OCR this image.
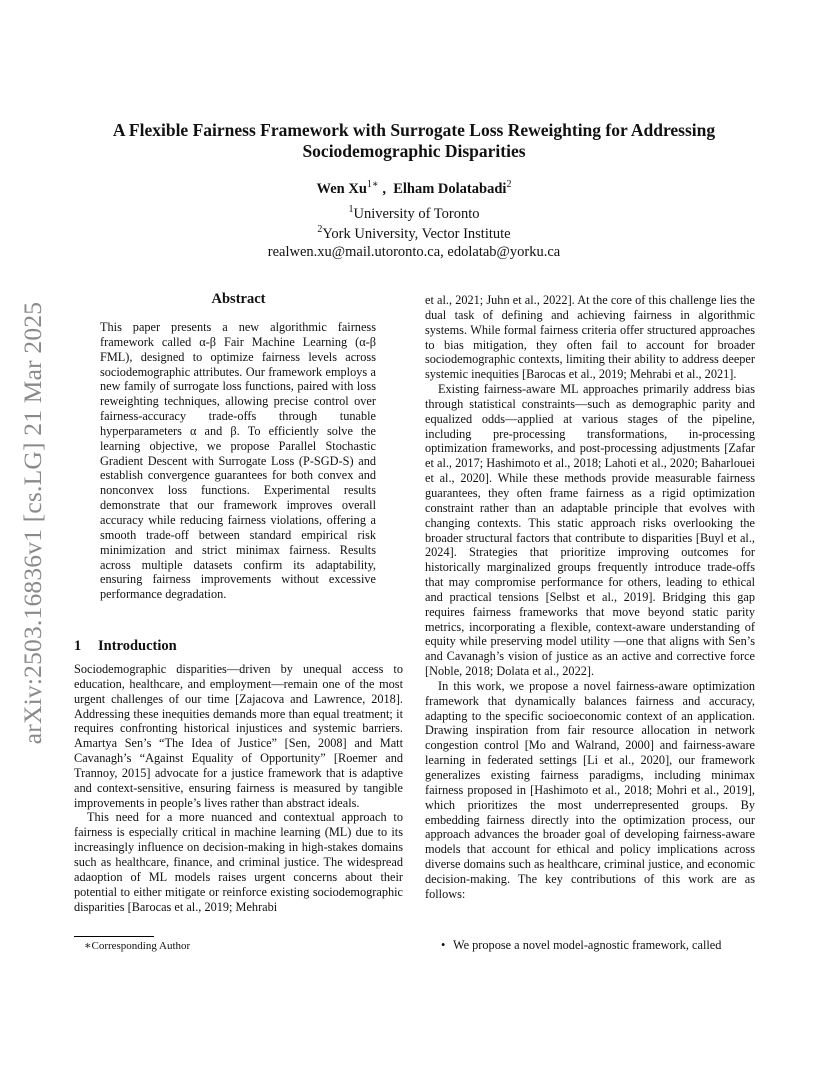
arXiv:2503.16836v1 [cs.LG] 21 Mar 2025
A Flexible Fairness Framework with Surrogate Loss Reweighting for Addressing Sociodemographic Disparities
Wen $Xu^{1∗}$ ,  Elham Dolatabadi$^2$
$^1$University of Toronto
$^2$York University, Vector Institute
realwen.xu@mail.utoronto.ca, edolatab@yorku.ca
Abstract
This paper presents a new algorithmic fairness framework called α-β Fair Machine Learning (α-β FML), designed to optimize fairness levels across sociodemographic attributes. Our framework employs a new family of surrogate loss functions, paired with loss reweighting techniques, allowing precise control over fairness-accuracy trade-offs through tunable hyperparameters α and β. To efficiently solve the learning objective, we propose Parallel Stochastic Gradient Descent with Surrogate Loss (P-SGD-S) and establish convergence guarantees for both convex and nonconvex loss functions. Experimental results demonstrate that our framework improves overall accuracy while reducing fairness violations, offering a smooth trade-off between standard empirical risk minimization and strict minimax fairness. Results across multiple datasets confirm its adaptability, ensuring fairness improvements without excessive performance degradation.
1 Introduction

Sociodemographic disparities—driven by unequal access to education, healthcare, and employment—remain one of the most urgent challenges of our time [Zajacova and Lawrence, 2018]. Addressing these inequities demands more than equal treatment; it requires confronting historical injustices and systemic barriers. Amartya Sen’s “The Idea of Justice” [Sen, 2008] and Matt Cavanagh’s “Against Equality of Opportunity” [Roemer and Trannoy, 2015] advocate for a justice framework that is adaptive and context-sensitive, ensuring fairness is measured by tangible improvements in people’s lives rather than abstract ideals.

This need for a more nuanced and contextual approach to fairness is especially critical in machine learning (ML) due to its increasingly influence on decision-making in high-stakes domains such as healthcare, finance, and criminal justice. The widespread adaoption of ML models raises urgent concerns about their potential to either mitigate or reinforce existing sociodemographic disparities [Barocas et al., 2019; Mehrabi

et al., 2021; Juhn et al., 2022]. At the core of this challenge lies the dual task of defining and achieving fairness in algorithmic systems. While formal fairness criteria offer structured approaches to bias mitigation, they often fail to account for broader sociodemographic contexts, limiting their ability to address deeper systemic inequities [Barocas et al., 2019; Mehrabi et al., 2021].

Existing fairness-aware ML approaches primarily address bias through statistical constraints—such as demographic parity and equalized odds—applied at various stages of the pipeline, including pre-processing transformations, in-processing optimization frameworks, and post-processing adjustments [Zafar et al., 2017; Hashimoto et al., 2018; Lahoti et al., 2020; Baharlouei et al., 2020]. While these methods provide measurable fairness guarantees, they often frame fairness as a rigid optimization constraint rather than an adaptable principle that evolves with changing contexts. This static approach risks overlooking the broader structural factors that contribute to disparities [Buyl et al., 2024]. Strategies that prioritize improving outcomes for historically marginalized groups frequently introduce trade-offs that may compromise performance for others, leading to ethical and practical tensions [Selbst et al., 2019]. Bridging this gap requires fairness frameworks that move beyond static parity metrics, incorporating a flexible, context-aware understanding of equity while preserving model utility —one that aligns with Sen’s and Cavanagh’s vision of justice as an active and corrective force [Noble, 2018; Dolata et al., 2022].

In this work, we propose a novel fairness-aware optimization framework that dynamically balances fairness and accuracy, adapting to the specific socioeconomic context of an application. Drawing inspiration from fair resource allocation in network congestion control [Mo and Walrand, 2000] and fairness-aware learning in federated settings [Li et al., 2020], our framework generalizes existing fairness paradigms, including minimax fairness proposed in [Hashimoto et al., 2018; Mohri et al., 2019], which prioritizes the most underrepresented groups. By embedding fairness directly into the optimization process, our approach advances the broader goal of developing fairness-aware models that account for ethical and policy implications across diverse domains such as healthcare, criminal justice, and economic decision-making. The key contributions of this work are as follows:

• We propose a novel model-agnostic framework, called
∗Corresponding Author
